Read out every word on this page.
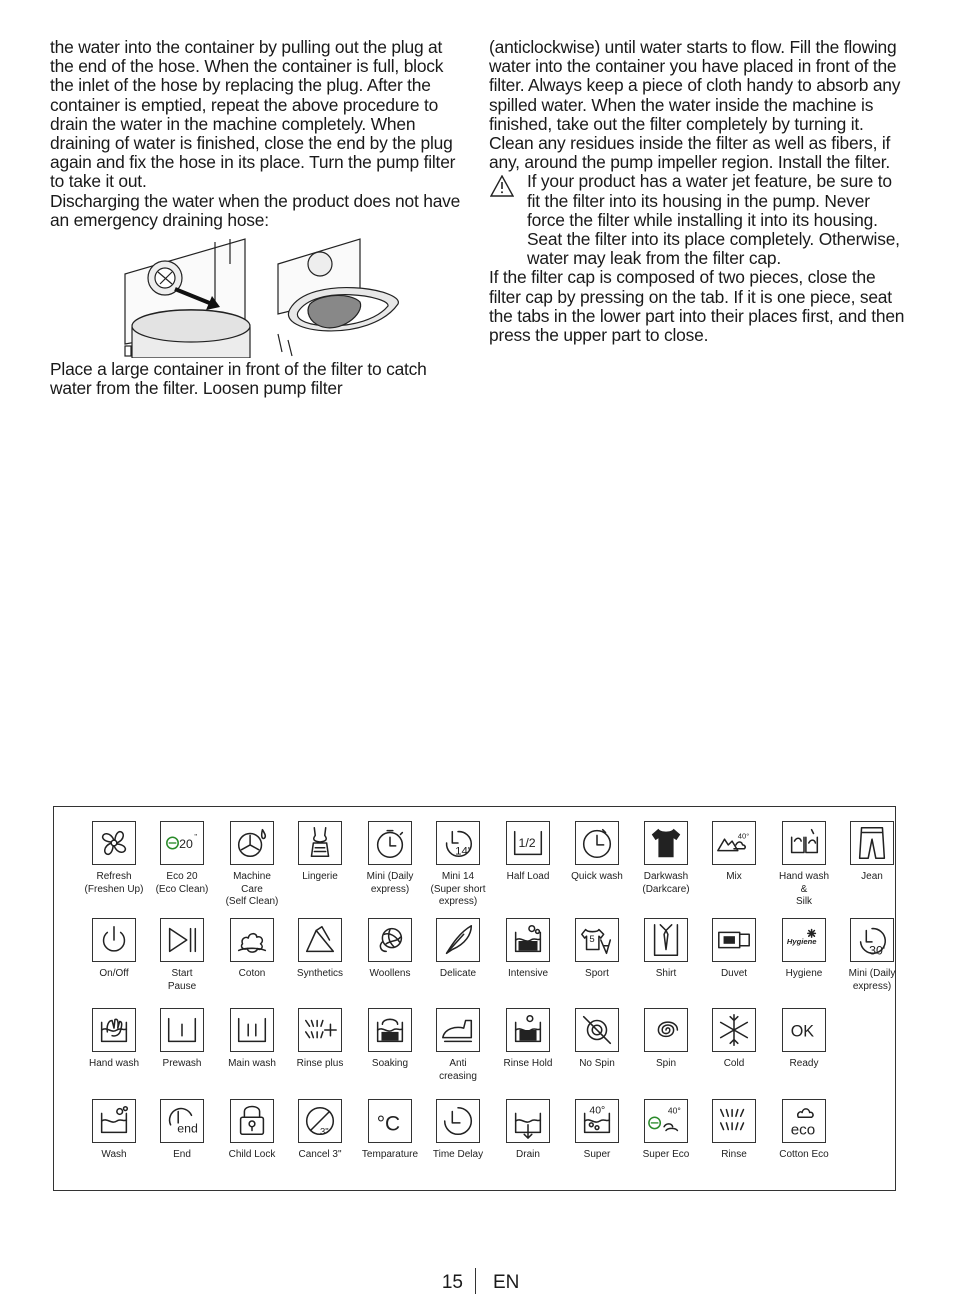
the water into the container by pulling out the plug at the end of the hose. When the container is full, block the inlet of the hose by replacing the plug. After the container is emptied, repeat the above procedure to drain the water in the machine completely. When draining of water is finished, close the end by the plug again and fix the hose in its place. Turn the pump filter to take it out.

Discharging the water when the product does not have an emergency draining hose:

Place a large container in front of the filter to catch water from the filter. Loosen pump filter

(anticlockwise) until water starts to flow. Fill the flowing water into the container you have placed in front of the filter. Always keep a piece of cloth handy to absorb any spilled water. When the water inside the machine is finished, take out the filter completely by turning it. Clean any residues inside the filter as well as fibers, if any, around the pump impeller region. Install the filter.

If your product has a water jet feature, be sure to fit the filter into its housing in the pump. Never force the filter while installing it into its housing. Seat the filter into its place completely. Otherwise, water may leak from the filter cap.

If the filter cap is composed of two pieces, close the filter cap by pressing on the tab. If it is one piece, seat the tabs in the lower part into their places first, and then press the upper part to close.

Refresh
(Freshen Up)
20
"
Eco 20
(Eco Clean)
Machine
Care
(Self Clean)
Lingerie	Mini (Daily
express)
14'
Mini 14
(Super short
express)
1/2
Half Load	Quick wash	Darkwash
(Darkcare)
40°
Mix	Hand wash
&
Silk
Jean
On/Off	Start
Pause
Coton	Synthetics	Woollens	Delicate	Intensive
5
Sport	Shirt	Duvet
Hygiene
Hygiene
30'
Mini (Daily
express)
Hand wash	Prewash	Main wash	Rinse plus	Soaking	Anti
creasing
Rinse Hold	No Spin	Spin	Cold
OK
Ready
Wash
end
End	Child Lock
3"
Cancel 3"
°C
Temparature	Time Delay	Drain
40°
Super
40°
Super Eco	Rinse
eco
Cotton Eco
15 EN
